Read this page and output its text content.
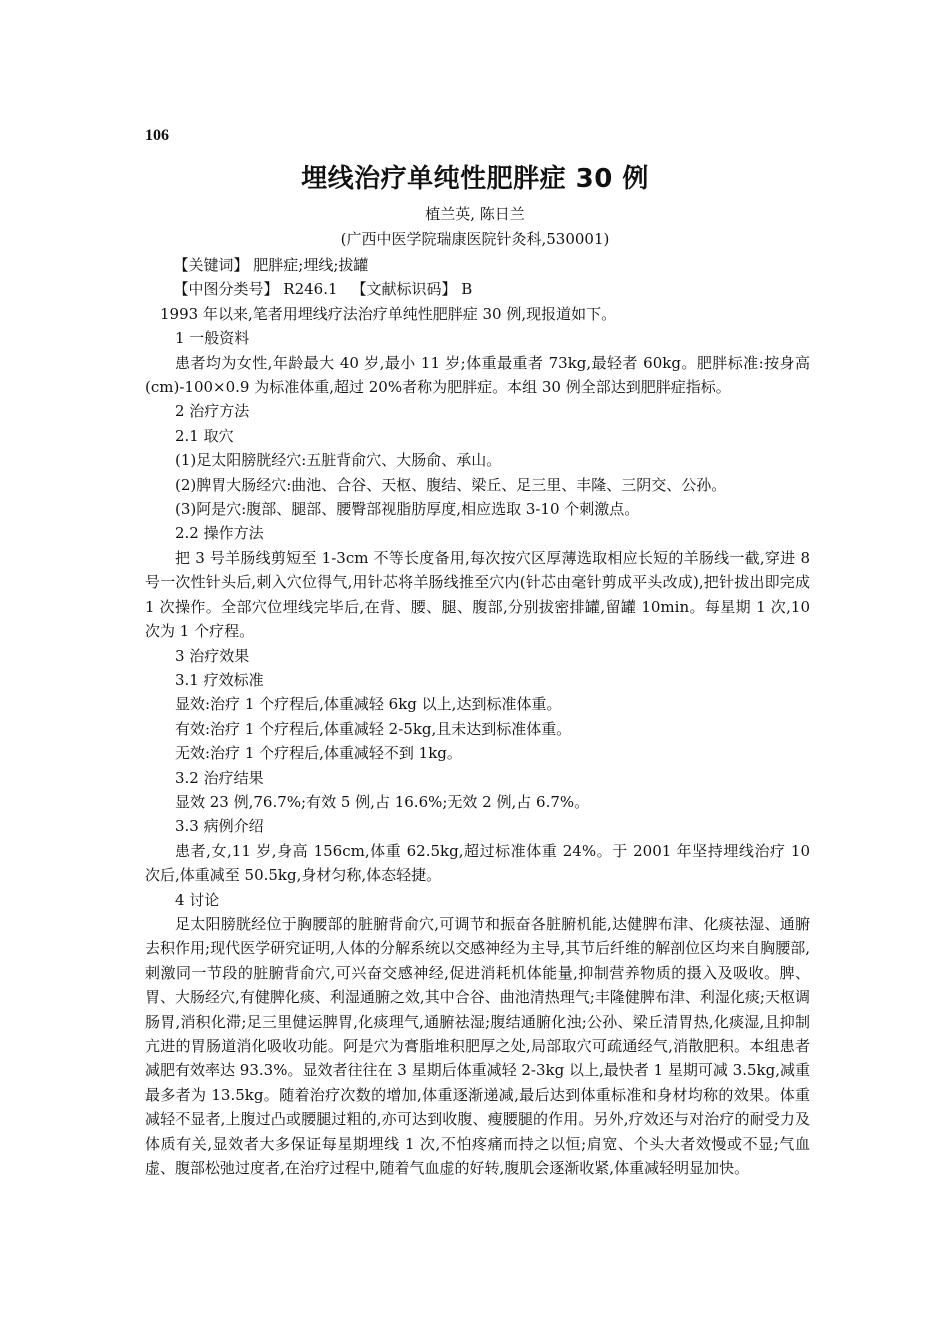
106
埋线治疗单纯性肥胖症 30 例
植兰英, 陈日兰
(广西中医学院瑞康医院针灸科,530001)

【关键词】 肥胖症;埋线;拔罐

【中图分类号】 R246.1 【文献标识码】 B

1993 年以来,笔者用埋线疗法治疗单纯性肥胖症 30 例,现报道如下。

1 一般资料

患者均为女性,年龄最大 40 岁,最小 11 岁;体重最重者 73kg,最轻者 60kg。肥胖标准:按身高(cm)-100×0.9 为标准体重,超过 20%者称为肥胖症。本组 30 例全部达到肥胖症指标。

2 治疗方法

2.1 取穴

(1)足太阳膀胱经穴:五脏背俞穴、大肠俞、承山。

(2)脾胃大肠经穴:曲池、合谷、天枢、腹结、梁丘、足三里、丰隆、三阴交、公孙。

(3)阿是穴:腹部、腿部、腰臀部视脂肪厚度,相应选取 3-10 个刺激点。

2.2 操作方法

把 3 号羊肠线剪短至 1-3cm 不等长度备用,每次按穴区厚薄选取相应长短的羊肠线一截,穿进 8 号一次性针头后,刺入穴位得气,用针芯将羊肠线推至穴内(针芯由毫针剪成平头改成),把针拔出即完成 1 次操作。全部穴位埋线完毕后,在背、腰、腿、腹部,分别拔密排罐,留罐 10min。每星期 1 次,10 次为 1 个疗程。

3 治疗效果

3.1 疗效标准

显效:治疗 1 个疗程后,体重减轻 6kg 以上,达到标准体重。

有效:治疗 1 个疗程后,体重减轻 2-5kg,且未达到标准体重。

无效:治疗 1 个疗程后,体重减轻不到 1kg。

3.2 治疗结果

显效 23 例,76.7%;有效 5 例,占 16.6%;无效 2 例,占 6.7%。

3.3 病例介绍

患者,女,11 岁,身高 156cm,体重 62.5kg,超过标准体重 24%。于 2001 年坚持埋线治疗 10 次后,体重减至 50.5kg,身材匀称,体态轻捷。

4 讨论

足太阳膀胱经位于胸腰部的脏腑背俞穴,可调节和振奋各脏腑机能,达健脾布津、化痰祛湿、通腑去积作用;现代医学研究证明,人体的分解系统以交感神经为主导,其节后纤维的解剖位区均来自胸腰部,刺激同一节段的脏腑背俞穴,可兴奋交感神经,促进消耗机体能量,抑制营养物质的摄入及吸收。脾、胃、大肠经穴,有健脾化痰、利湿通腑之效,其中合谷、曲池清热理气;丰隆健脾布津、利湿化痰;天枢调肠胃,消积化滞;足三里健运脾胃,化痰理气,通腑祛湿;腹结通腑化浊;公孙、梁丘清胃热,化痰湿,且抑制亢进的胃肠道消化吸收功能。阿是穴为膏脂堆积肥厚之处,局部取穴可疏通经气,消散肥积。本组患者减肥有效率达 93.3%。显效者往往在 3 星期后体重减轻 2-3kg 以上,最快者 1 星期可减 3.5kg,减重最多者为 13.5kg。随着治疗次数的增加,体重逐渐递减,最后达到体重标准和身材均称的效果。体重减轻不显者,上腹过凸或腰腿过粗的,亦可达到收腹、瘦腰腿的作用。另外,疗效还与对治疗的耐受力及体质有关,显效者大多保证每星期埋线 1 次,不怕疼痛而持之以恒;肩宽、个头大者效慢或不显;气血虚、腹部松弛过度者,在治疗过程中,随着气血虚的好转,腹肌会逐渐收紧,体重减轻明显加快。
